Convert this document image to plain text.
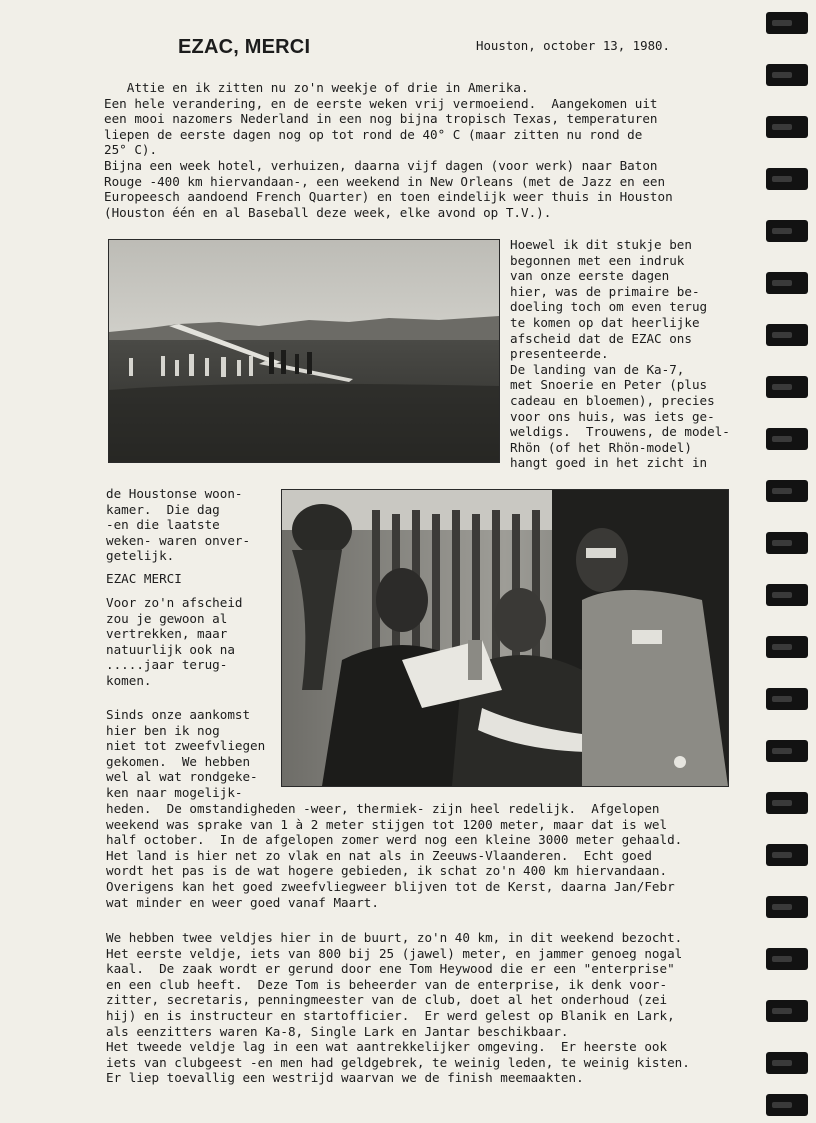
EZAC, MERCI	Houston, october 13, 1980.
Attie en ik zitten nu zo'n weekje of drie in Amerika.
Een hele verandering, en de eerste weken vrij vermoeiend.  Aangekomen uit
een mooi nazomers Nederland in een nog bijna tropisch Texas, temperaturen
liepen de eerste dagen nog op tot rond de 40° C (maar zitten nu rond de
25° C).
Bijna een week hotel, verhuizen, daarna vijf dagen (voor werk) naar Baton
Rouge -400 km hiervandaan-, een weekend in New Orleans (met de Jazz en een
Europeesch aandoend French Quarter) en toen eindelijk weer thuis in Houston
(Houston één en al Baseball deze week, elke avond op T.V.).
Hoewel ik dit stukje ben
begonnen met een indruk
van onze eerste dagen
hier, was de primaire be-
doeling toch om even terug
te komen op dat heerlijke
afscheid dat de EZAC ons
presenteerde.
De landing van de Ka-7,
met Snoerie en Peter (plus
cadeau en bloemen), precies
voor ons huis, was iets ge-
weldigs.  Trouwens, de model-
Rhön (of het Rhön-model)
hangt goed in het zicht in
de Houstonse woon-
kamer.  Die dag
-en die laatste
weken- waren onver-
getelijk.
EZAC MERCI
Voor zo'n afscheid
zou je gewoon al
vertrekken, maar
natuurlijk ook na
.....jaar terug-
komen.
Sinds onze aankomst
hier ben ik nog
niet tot zweefvliegen
gekomen.  We hebben
wel al wat rondgeke-
ken naar mogelijk-
heden.  De omstandigheden -weer, thermiek- zijn heel redelijk.  Afgelopen
weekend was sprake van 1 à 2 meter stijgen tot 1200 meter, maar dat is wel
half october.  In de afgelopen zomer werd nog een kleine 3000 meter gehaald.
Het land is hier net zo vlak en nat als in Zeeuws-Vlaanderen.  Echt goed
wordt het pas is de wat hogere gebieden, ik schat zo'n 400 km hiervandaan.
Overigens kan het goed zweefvliegweer blijven tot de Kerst, daarna Jan/Febr
wat minder en weer goed vanaf Maart.
We hebben twee veldjes hier in de buurt, zo'n 40 km, in dit weekend bezocht.
Het eerste veldje, iets van 800 bij 25 (jawel) meter, en jammer genoeg nogal
kaal.  De zaak wordt er gerund door ene Tom Heywood die er een "enterprise"
en een club heeft.  Deze Tom is beheerder van de enterprise, ik denk voor-
zitter, secretaris, penningmeester van de club, doet al het onderhoud (zei
hij) en is instructeur en startofficier.  Er werd gelest op Blanik en Lark,
als eenzitters waren Ka-8, Single Lark en Jantar beschikbaar.
Het tweede veldje lag in een wat aantrekkelijker omgeving.  Er heerste ook
iets van clubgeest -en men had geldgebrek, te weinig leden, te weinig kisten.
Er liep toevallig een westrijd waarvan we de finish meemaakten.
